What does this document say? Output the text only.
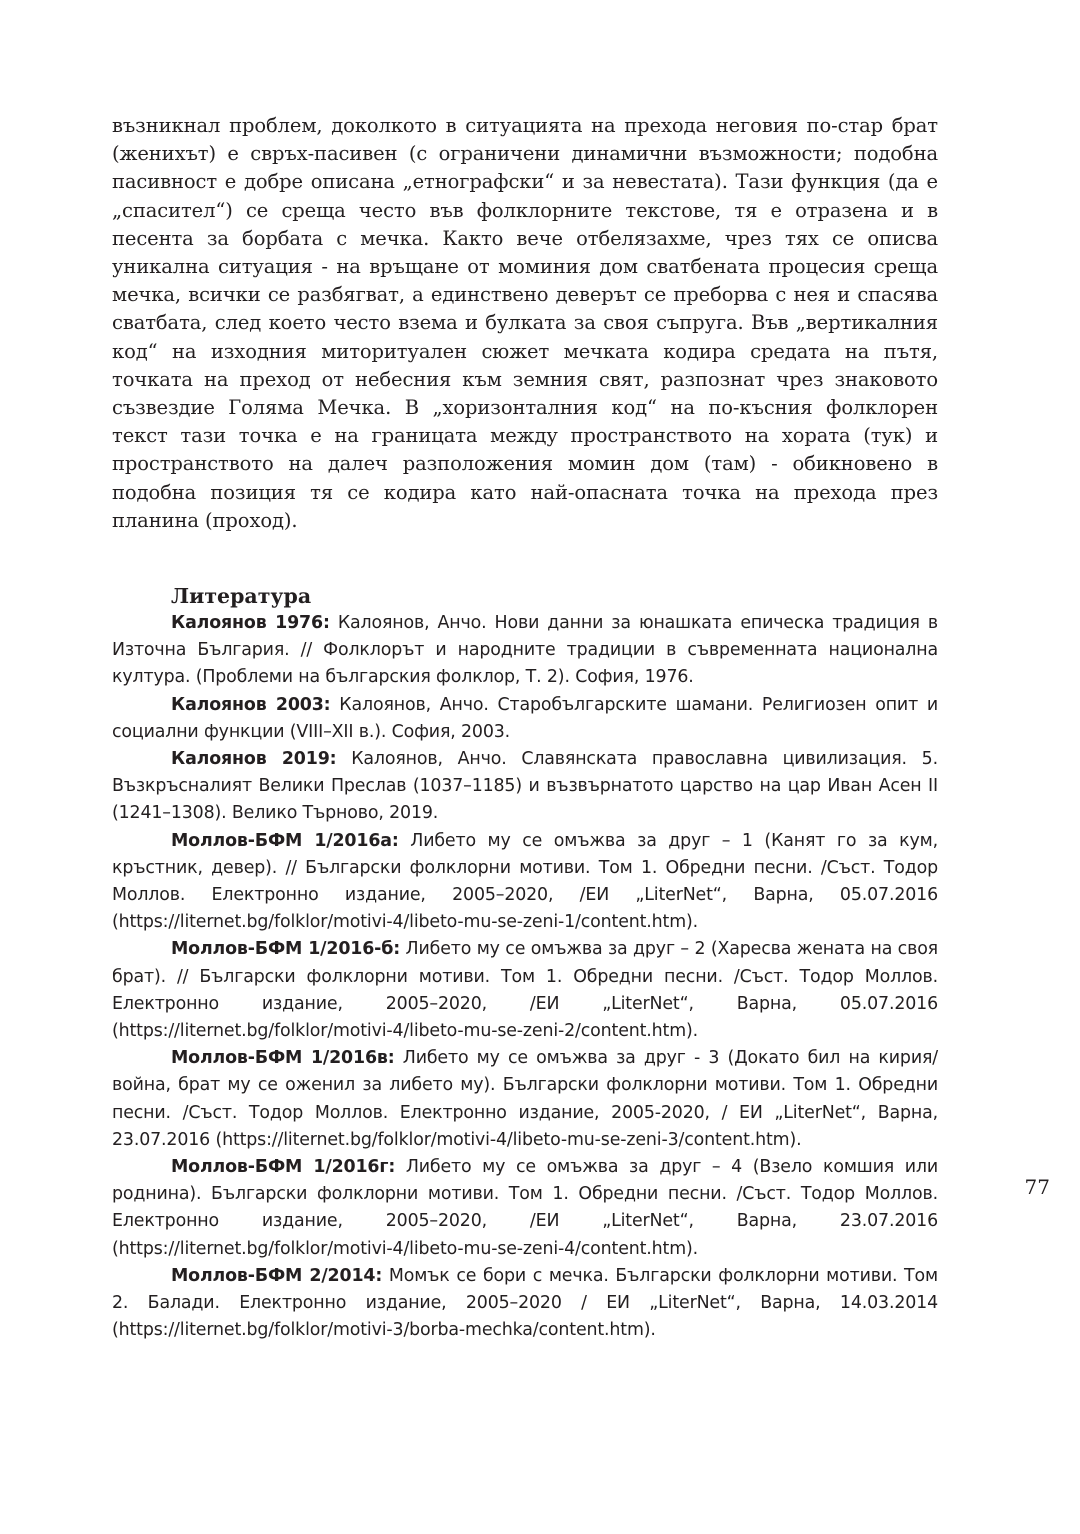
възникнал проблем, доколкото в ситуацията на прехода неговия по-стар брат (женихът) е свръх-пасивен (с ограничени динамични възможности; подобна пасивност е добре описана „етнографски“ и за невестата). Тази функция (да е „спасител“) се среща често във фолклорните текстове, тя е отразена и в песента за борбата с мечка. Както вече отбелязахме, чрез тях се описва уникална ситуация - на връщане от моминия дом сватбената процесия среща мечка, всички се разбягват, а единствено деверът се преборва с нея и спасява сватбата, след което често взема и булката за своя съпруга. Във „вертикалния код“ на изходния миторитуален сюжет мечката кодира средата на пътя, точката на преход от небесния към земния свят, разпознат чрез знаковото съзвездие Голяма Мечка. В „хоризонталния код“ на по-късния фолклорен текст тази точка е на границата между пространството на хората (тук) и пространството на далеч разположения момин дом (там) - обикновено в подобна позиция тя се кодира като най-опасната точка на прехода през планина (проход).

Литература

Калоянов 1976: Калоянов, Анчо. Нови данни за юнашката епическа традиция в Източна България. // Фолклорът и народните традиции в съвременната национална култура. (Проблеми на българския фолклор, Т. 2). София, 1976.

Калоянов 2003: Калоянов, Анчо. Старобългарските шамани. Религиозен опит и социални функции (VIII–XII в.). София, 2003.

Калоянов 2019: Калоянов, Анчо. Славянската православна цивилизация. 5. Възкръсналият Велики Преслав (1037–1185) и възвърнатото царство на цар Иван Асен II (1241–1308). Велико Търново, 2019.

Моллов-БФМ 1/2016а: Либето му се омъжва за друг – 1 (Канят го за кум, кръстник, девер). // Български фолклорни мотиви. Том 1. Обредни песни. /Съст. Тодор Моллов. Електронно издание, 2005–2020, /ЕИ „LiterNet“, Варна, 05.07.2016 (https://liternet.bg/folklor/motivi-4/libeto-mu-se-zeni-1/content.htm).

Моллов-БФМ 1/2016-б: Либето му се омъжва за друг – 2 (Харесва жената на своя брат). // Български фолклорни мотиви. Том 1. Обредни песни. /Съст. Тодор Моллов. Електронно издание, 2005–2020, /ЕИ „LiterNet“, Варна, 05.07.2016 (https://liternet.bg/folklor/motivi-4/libeto-mu-se-zeni-2/content.htm).

Моллов-БФМ 1/2016в: Либето му се омъжва за друг - 3 (Докато бил на кирия/война, брат му се оженил за либето му). Български фолклорни мотиви. Том 1. Обредни песни. /Съст. Тодор Моллов. Електронно издание, 2005-2020, / ЕИ „LiterNet“, Варна, 23.07.2016 (https://liternet.bg/folklor/motivi-4/libeto-mu-se-zeni-3/content.htm).

Моллов-БФМ 1/2016г: Либето му се омъжва за друг – 4 (Взело комшия или роднина). Български фолклорни мотиви. Том 1. Обредни песни. /Съст. Тодор Моллов. Електронно издание, 2005–2020, /ЕИ „LiterNet“, Варна, 23.07.2016 (https://liternet.bg/folklor/motivi-4/libeto-mu-se-zeni-4/content.htm).

Моллов-БФМ 2/2014: Момък се бори с мечка. Български фолклорни мотиви. Том 2. Балади. Електронно издание, 2005–2020 / ЕИ „LiterNet“, Варна, 14.03.2014 (https://liternet.bg/folklor/motivi-3/borba-mechka/content.htm).

77
